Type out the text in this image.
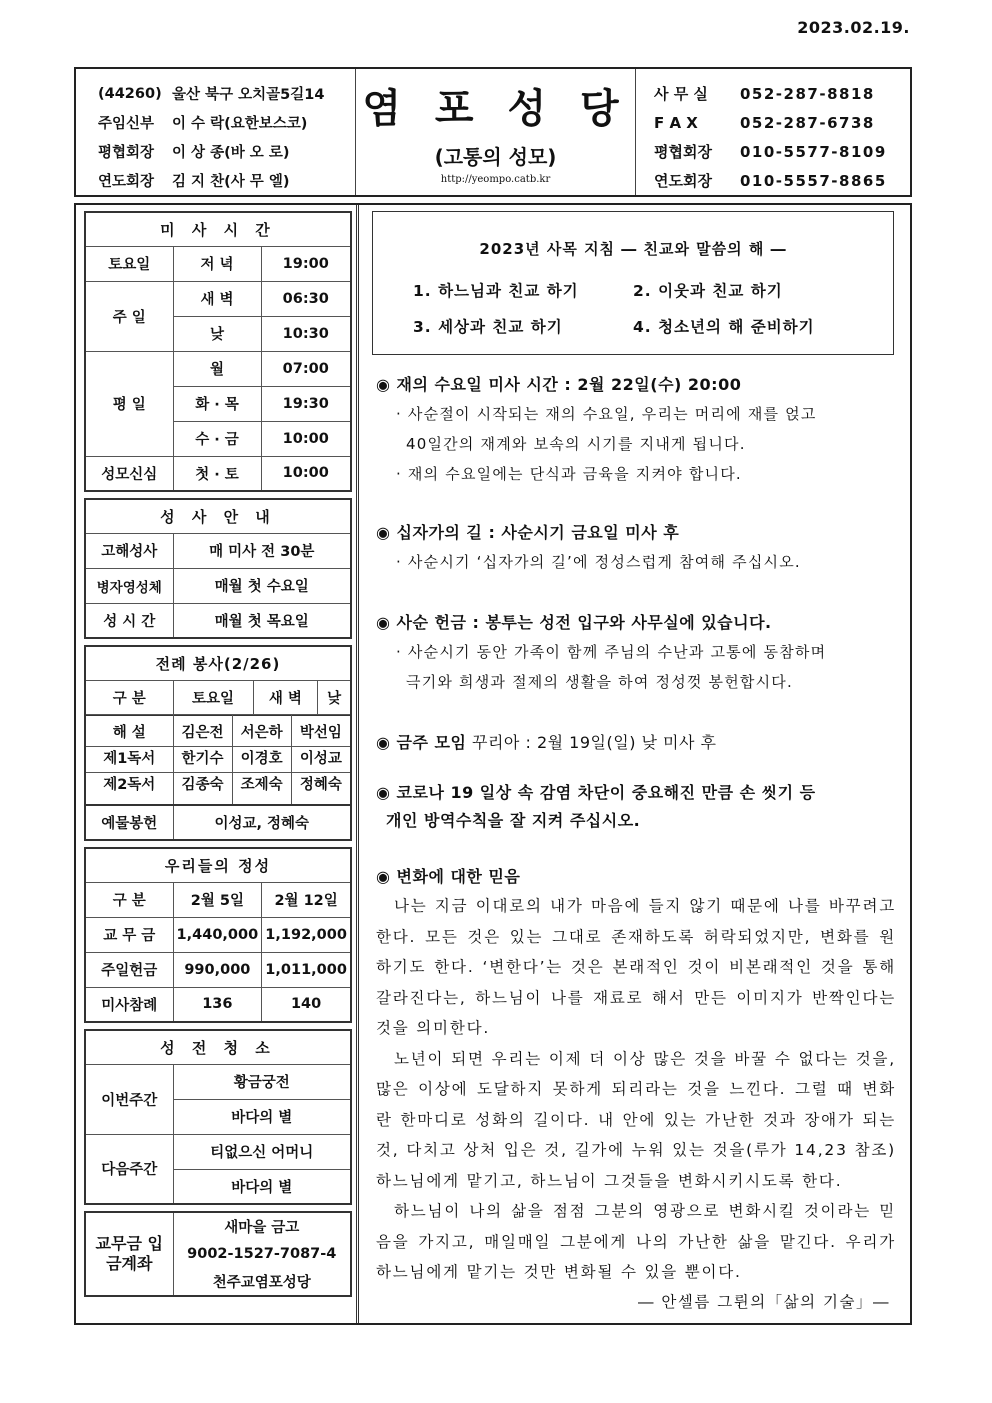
2023.02.19.
(44260) 울산 북구 오치골5길14
주임신부	이 수 락(요한보스코)
평협회장	이 상 종(바 오 로)
연도회장	김 지 찬(사 무 엘)
염 포 성 당
(고통의 성모)
http://yeompo.catb.kr
사 무 실	052-287-8818
F A X	052-287-6738
평협회장	010-5577-8109
연도회장	010-5557-8865
미 사 시 간		
토요일	저 녁	19:00
주 일	새 벽	06:30
	낮	10:30
평 일	월	07:00
	화 · 목	19:30
	수 · 금	10:00
성모신심	첫 · 토	10:00
성 사 안 내	
고해성사	매 미사 전 30분
병자영성체	매월 첫 수요일
성 시 간	매월 첫 목요일
전례 봉사(2/26)
구 분	토요일	새 벽	낮
해 설	김은전	서은하	박선임
제1독서	한기수	이경호	이성교
제2독서	김종숙	조제숙	정혜숙
예물봉헌	이성교, 정혜숙
우리들의 정성		
구 분	2월 5일	2월 12일
교 무 금	1,440,000	1,192,000
주일헌금	990,000	1,011,000
미사참례	136	140
성 전 청 소	
이번주간	황금궁전
	바다의 별
다음주간	티없으신 어머니
	바다의 별
교무금 입금계좌	새마을 금고
9002-1527-7087-4
천주교염포성당
2023년 사목 지침 ― 친교와 말씀의 해 ―
1. 하느님과 친교 하기	2. 이웃과 친교 하기
3. 세상과 친교 하기	4. 청소년의 해 준비하기
◉ 재의 수요일 미사 시간 : 2월 22일(수) 20:00
· 사순절이 시작되는 재의 수요일, 우리는 머리에 재를 얹고
40일간의 재계와 보속의 시기를 지내게 됩니다.
· 재의 수요일에는 단식과 금육을 지켜야 합니다.
◉ 십자가의 길 : 사순시기 금요일 미사 후
· 사순시기 ‘십자가의 길’에 정성스럽게 참여해 주십시오.
◉ 사순 헌금 : 봉투는 성전 입구와 사무실에 있습니다.
· 사순시기 동안 가족이 함께 주님의 수난과 고통에 동참하며
극기와 희생과 절제의 생활을 하여 정성껏 봉헌합시다.
◉ 금주 모임 꾸리아 : 2월 19일(일) 낮 미사 후
◉ 코로나 19 일상 속 감염 차단이 중요해진 만큼 손 씻기 등
개인 방역수칙을 잘 지켜 주십시오.
◉ 변화에 대한 믿음

나는 지금 이대로의 내가 마음에 들지 않기 때문에 나를 바꾸려고 한다. 모든 것은 있는 그대로 존재하도록 허락되었지만, 변화를 원하기도 한다. ‘변한다’는 것은 본래적인 것이 비본래적인 것을 통해 갈라진다는, 하느님이 나를 재료로 해서 만든 이미지가 반짝인다는 것을 의미한다.

노년이 되면 우리는 이제 더 이상 많은 것을 바꿀 수 없다는 것을, 많은 이상에 도달하지 못하게 되리라는 것을 느낀다. 그럴 때 변화란 한마디로 성화의 길이다. 내 안에 있는 가난한 것과 장애가 되는 것, 다치고 상처 입은 것, 길가에 누워 있는 것을(루가 14,23 참조) 하느님에게 맡기고, 하느님이 그것들을 변화시키시도록 한다.

하느님이 나의 삶을 점점 그분의 영광으로 변화시킬 것이라는 믿음을 가지고, 매일매일 그분에게 나의 가난한 삶을 맡긴다. 우리가 하느님에게 맡기는 것만 변화될 수 있을 뿐이다.

― 안셀름 그륀의「삶의 기술」―
